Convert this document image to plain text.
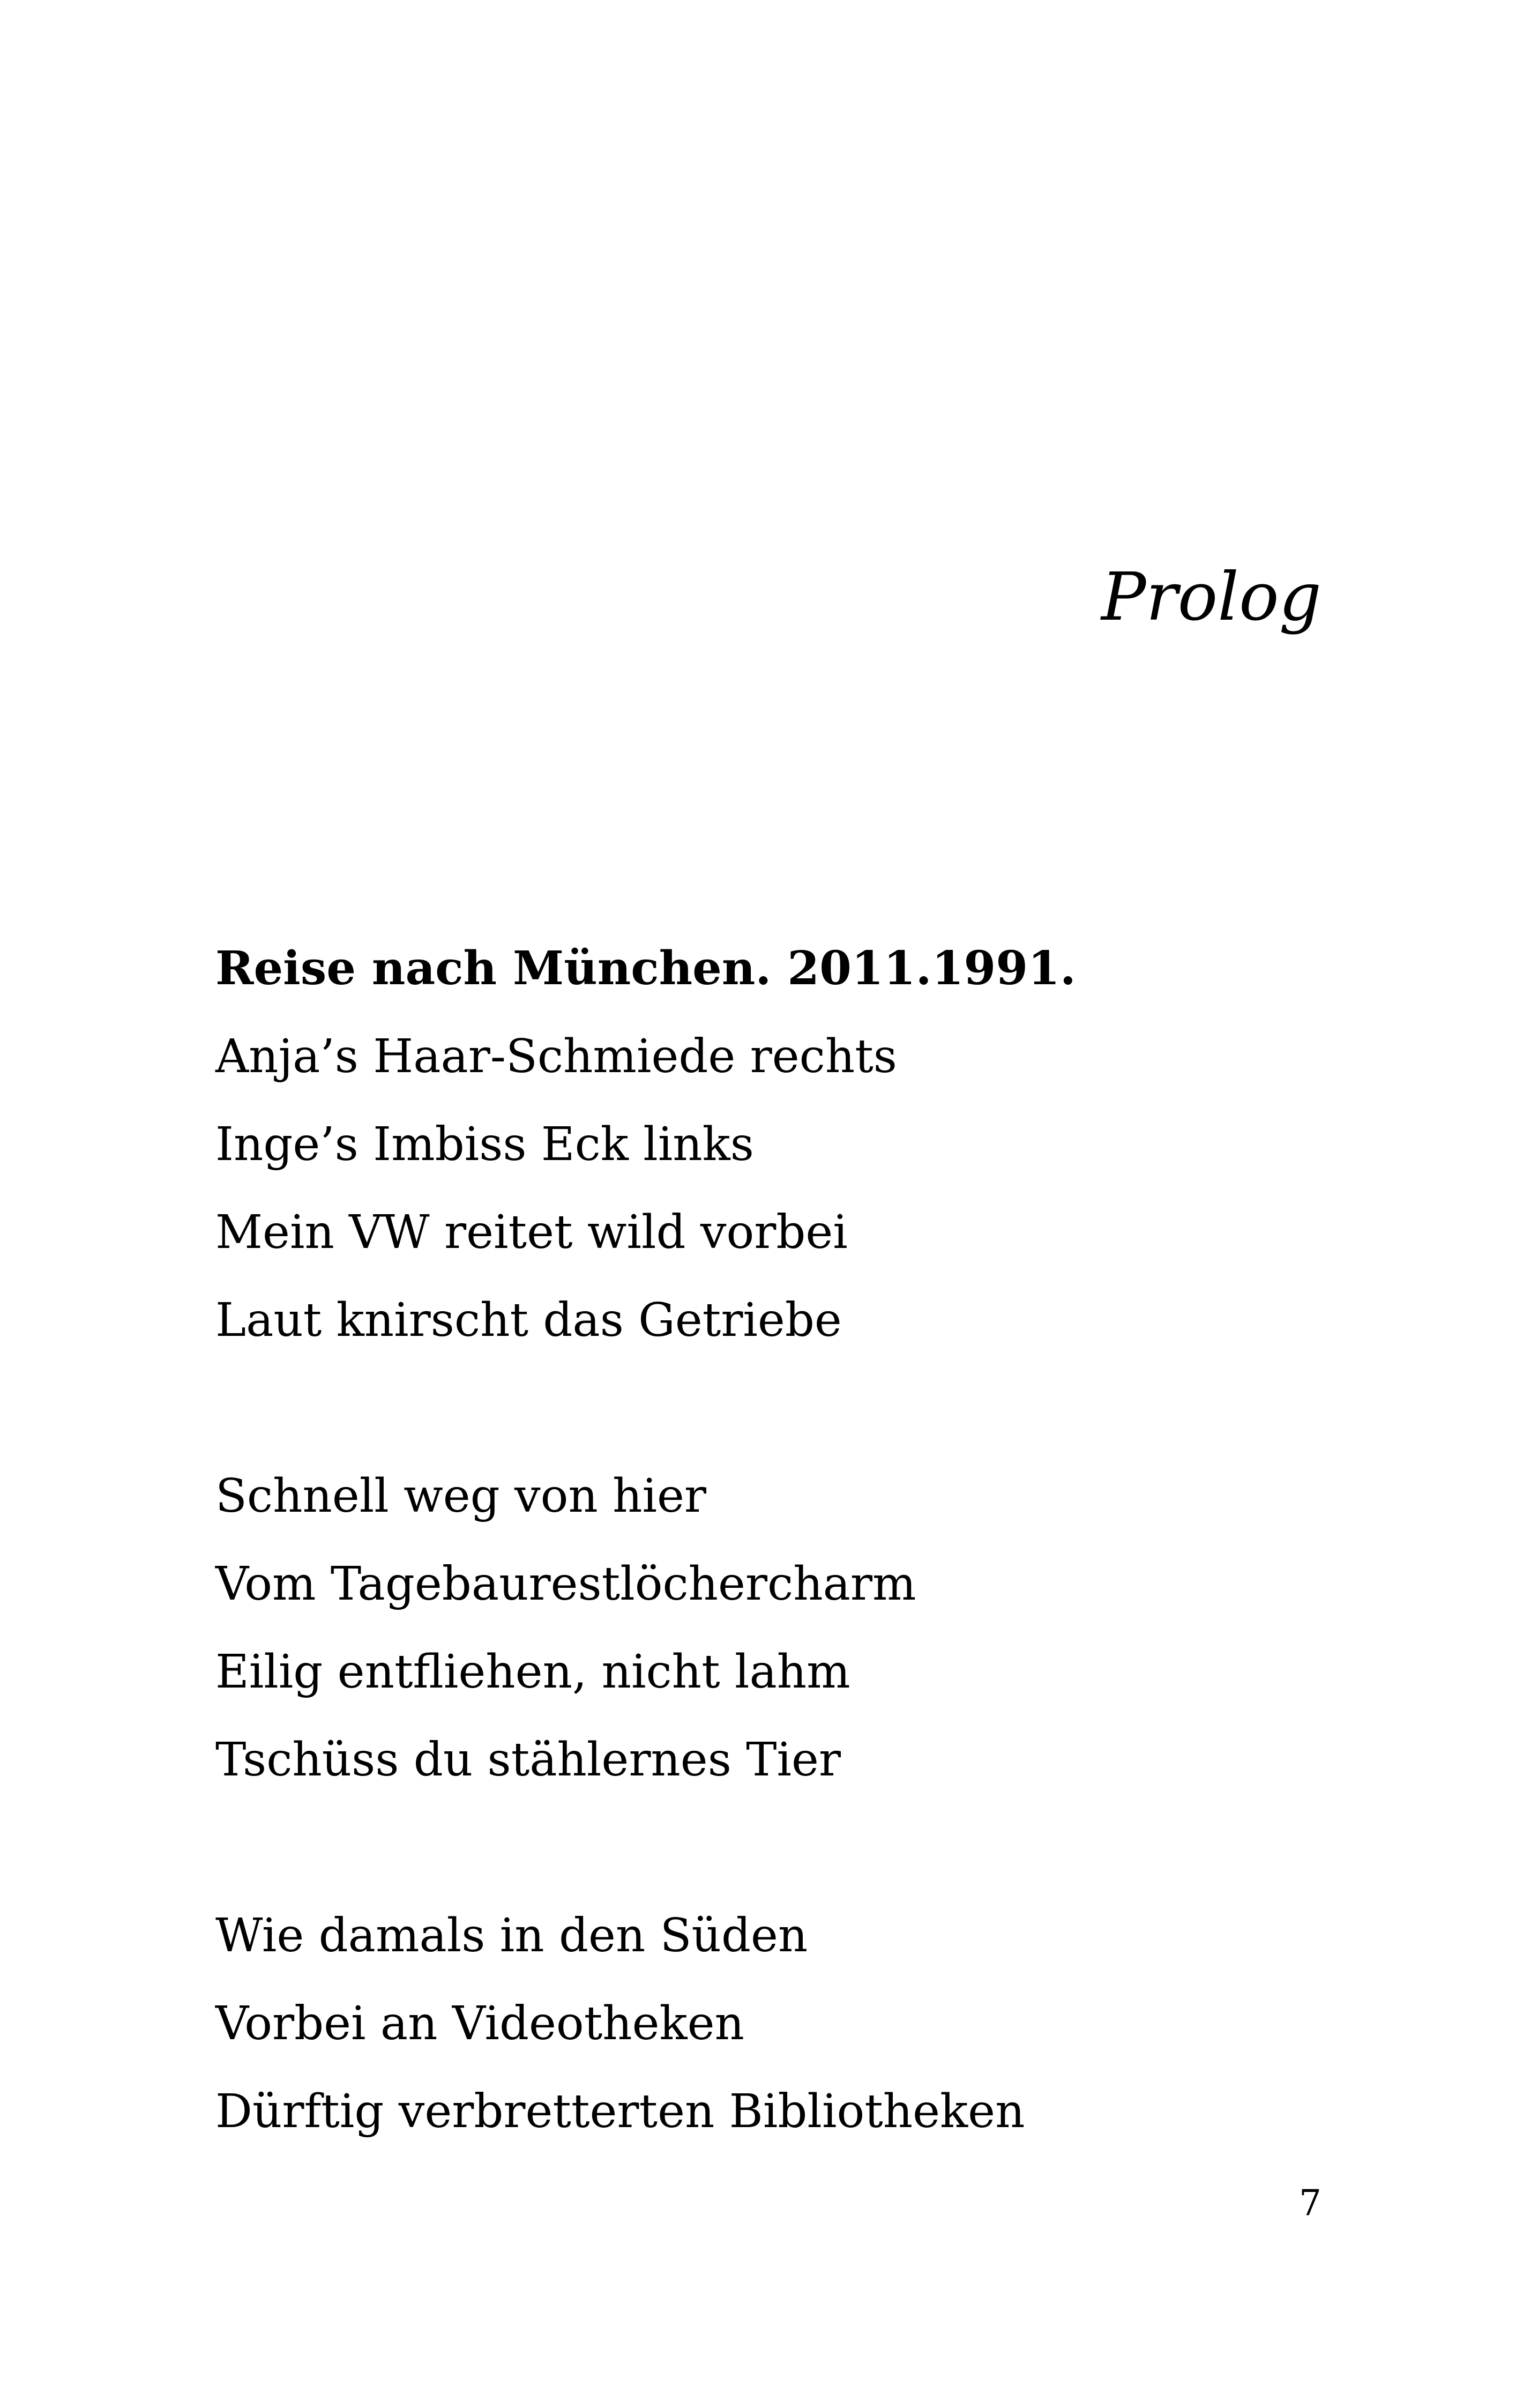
Prolog
Reise nach München. 2011.1991.
Anja’s Haar-Schmiede rechts
Inge’s Imbiss Eck links
Mein VW reitet wild vorbei
Laut knirscht das Getriebe
Schnell weg von hier
Vom Tagebaurestlöchercharm
Eilig entfliehen, nicht lahm
Tschüss du stählernes Tier
Wie damals in den Süden
Vorbei an Videotheken
Dürftig verbretterten Bibliotheken
7
